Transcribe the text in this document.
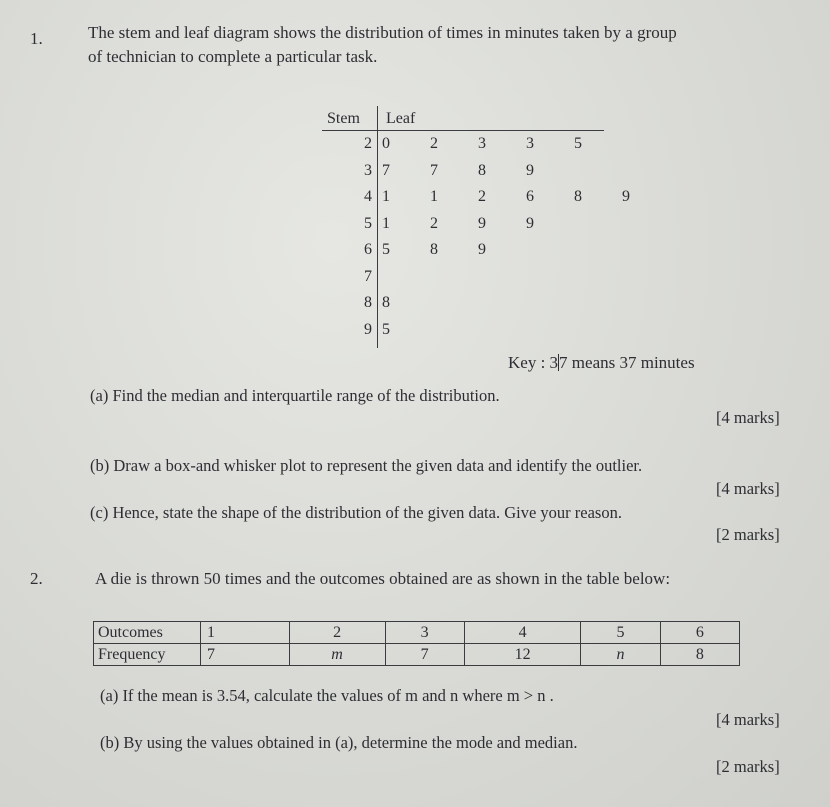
1.	The stem and leaf diagram shows the distribution of times in minutes taken by a group
of technician to complete a particular task.
Stem Leaf
2 0	2	3	3	5
3 7	7	8	9
4 1	1	2	6	8	9
5 1	2	9	9
6 5	8	9
7
8 8
9 5
Key : 37 means 37 minutes
(a) Find the median and interquartile range of the distribution.
[4 marks]
(b) Draw a box-and whisker plot to represent the given data and identify the outlier.
[4 marks]
(c) Hence, state the shape of the distribution of the given data. Give your reason.
[2 marks]
2.	A die is thrown 50 times and the outcomes obtained are as shown in the table below:
Outcomes	1	2	3	4	5	6
Frequency	7	m	7	12	n	8
(a) If the mean is 3.54, calculate the values of m and n where m > n .
[4 marks]
(b) By using the values obtained in (a), determine the mode and median.
[2 marks]
